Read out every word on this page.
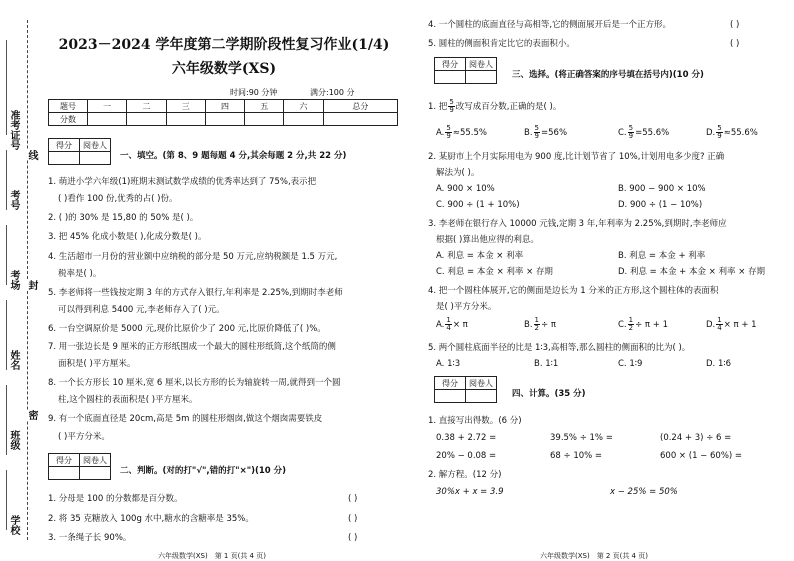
准考证号
考号
考场
姓名
班级
学校
线
封
密
2023－2024 学年度第二学期阶段性复习作业(1/4)
六年级数学(XS)
时间:90 分钟	满分:100 分
题号	一	二	三	四	五	六	总分
分数							
得分	阅卷人

一、填空。(第 8、9 题每题 4 分,其余每题 2 分,共 22 分)
1. 萌进小学六年级(1)班期末测试数学成绩的优秀率达到了 75%,表示把
( )看作 100 份,优秀的占( )份。
2. ( )的 30% 是 15,80 的 50% 是( )。
3. 把 45% 化成小数是( ),化成分数是( )。
4. 生活超市一月份的营业额中应纳税的部分是 50 万元,应纳税额是 1.5 万元,
税率是( )。
5. 李老师将一些钱按定期 3 年的方式存入银行,年利率是 2.25%,到期时李老师
可以得到利息 5400 元,李老师存入了( )元。
6. 一台空调原价是 5000 元,现价比原价少了 200 元,比原价降低了( )%。
7. 用一张边长是 9 厘米的正方形纸围成一个最大的圆柱形纸筒,这个纸筒的侧
面积是( )平方厘米。
8. 一个长方形长 10 厘米,宽 6 厘米,以长方形的长为轴旋转一周,就得到一个圆
柱,这个圆柱的表面积是( )平方厘米。
9. 有一个底面直径是 20cm,高是 5m 的圆柱形烟囱,做这个烟囱需要铁皮
( )平方分米。
得分	阅卷人

二、判断。(对的打"√",错的打"×")(10 分)
1. 分母是 100 的分数都是百分数。	( )
2. 将 35 克糖放入 100g 水中,糖水的含糖率是 35%。	( )
3. 一条绳子长 90%。	( )
六年级数学(XS)　第 1 页(共 4 页)
4. 一个圆柱的底面直径与高相等,它的侧面展开后是一个正方形。	( )
5. 圆柱的侧面积肯定比它的表面积小。	( )
得分	阅卷人

三、选择。(将正确答案的序号填在括号内)(10 分)
1. 把 $\frac{5}{9}$ 改写成百分数,正确的是( )。
A. $\frac{5}{9} \approx 55.5\%$	B. $\frac{5}{9} =56\%$	C. $\frac{5}{9} =55.6\%$	D. $\frac{5}{9} \approx 55.6\%$
2. 某厨市上个月实际用电为 900 度,比计划节省了 10%,计划用电多少度? 正确
解法为( )。
A. 900 × 10%	B. 900 − 900 × 10%
C. 900 ÷ (1 + 10%)	D. 900 ÷ (1 − 10%)
3. 李老师在银行存入 10000 元钱,定期 3 年,年利率为 2.25%,到期时,李老师应
根据( )算出他应得的利息。
A. 利息 = 本金 × 利率	B. 利息 = 本金 + 利率
C. 利息 = 本金 × 利率 × 存期	D. 利息 = 本金 + 本金 × 利率 × 存期
4. 把一个圆柱体展开,它的侧面是边长为 1 分米的正方形,这个圆柱体的表面积
是( )平方分米。
A. $\frac{1}{4} \times \pi$	B. $\frac{1}{2} \div \pi$	C. $\frac{1}{2} \div \pi + 1$	D. $\frac{1}{4} \times \pi + 1$
5. 两个圆柱底面半径的比是 1∶3,高相等,那么圆柱的侧面积的比为( )。
A. 1∶3	B. 1∶1	C. 1∶9	D. 1∶6
得分	阅卷人

四、计算。(35 分)
1. 直接写出得数。(6 分)
0.38 + 2.72 =	39.5% ÷ 1% =	(0.24 + 3) ÷ 6 =
20% − 0.08 =	68 ÷ 10% =	600 × (1 − 60%) =
2. 解方程。(12 分)
30%x + x = 3.9	x − 25% = 50%
六年级数学(XS)　第 2 页(共 4 页)
